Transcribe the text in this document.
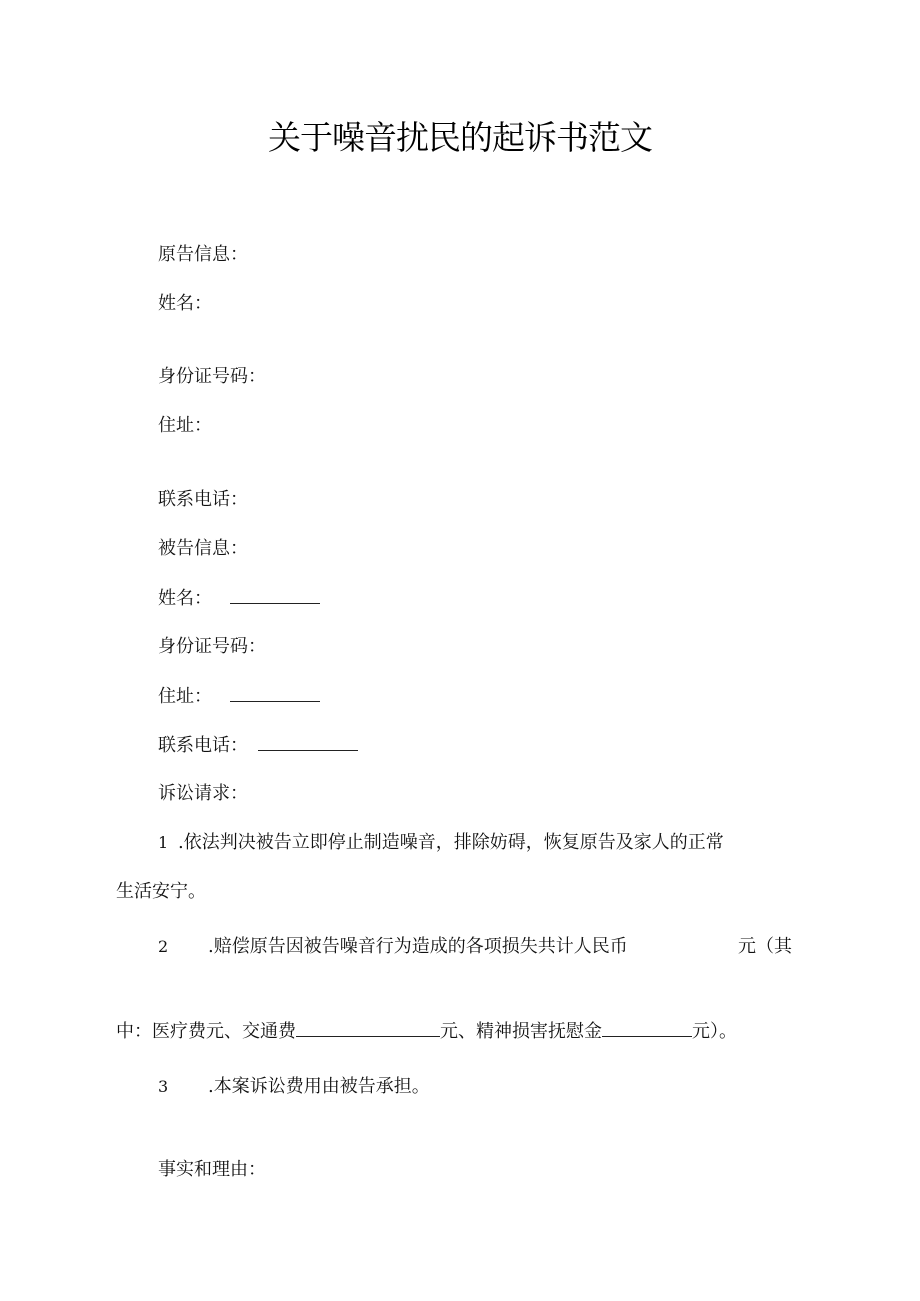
关于噪音扰民的起诉书范文
原告信息：
姓名：
身份证号码：
住址：
联系电话：
被告信息：
姓名：
身份证号码：
住址：
联系电话：
诉讼请求：
1 .依法判决被告立即停止制造噪音，排除妨碍，恢复原告及家人的正常
生活安宁。
2 .赔偿原告因被告噪音行为造成的各项损失共计人民币	元（其
中：医疗费元、交通费	元、精神损害抚慰金	元）。
3 .本案诉讼费用由被告承担。
事实和理由：
